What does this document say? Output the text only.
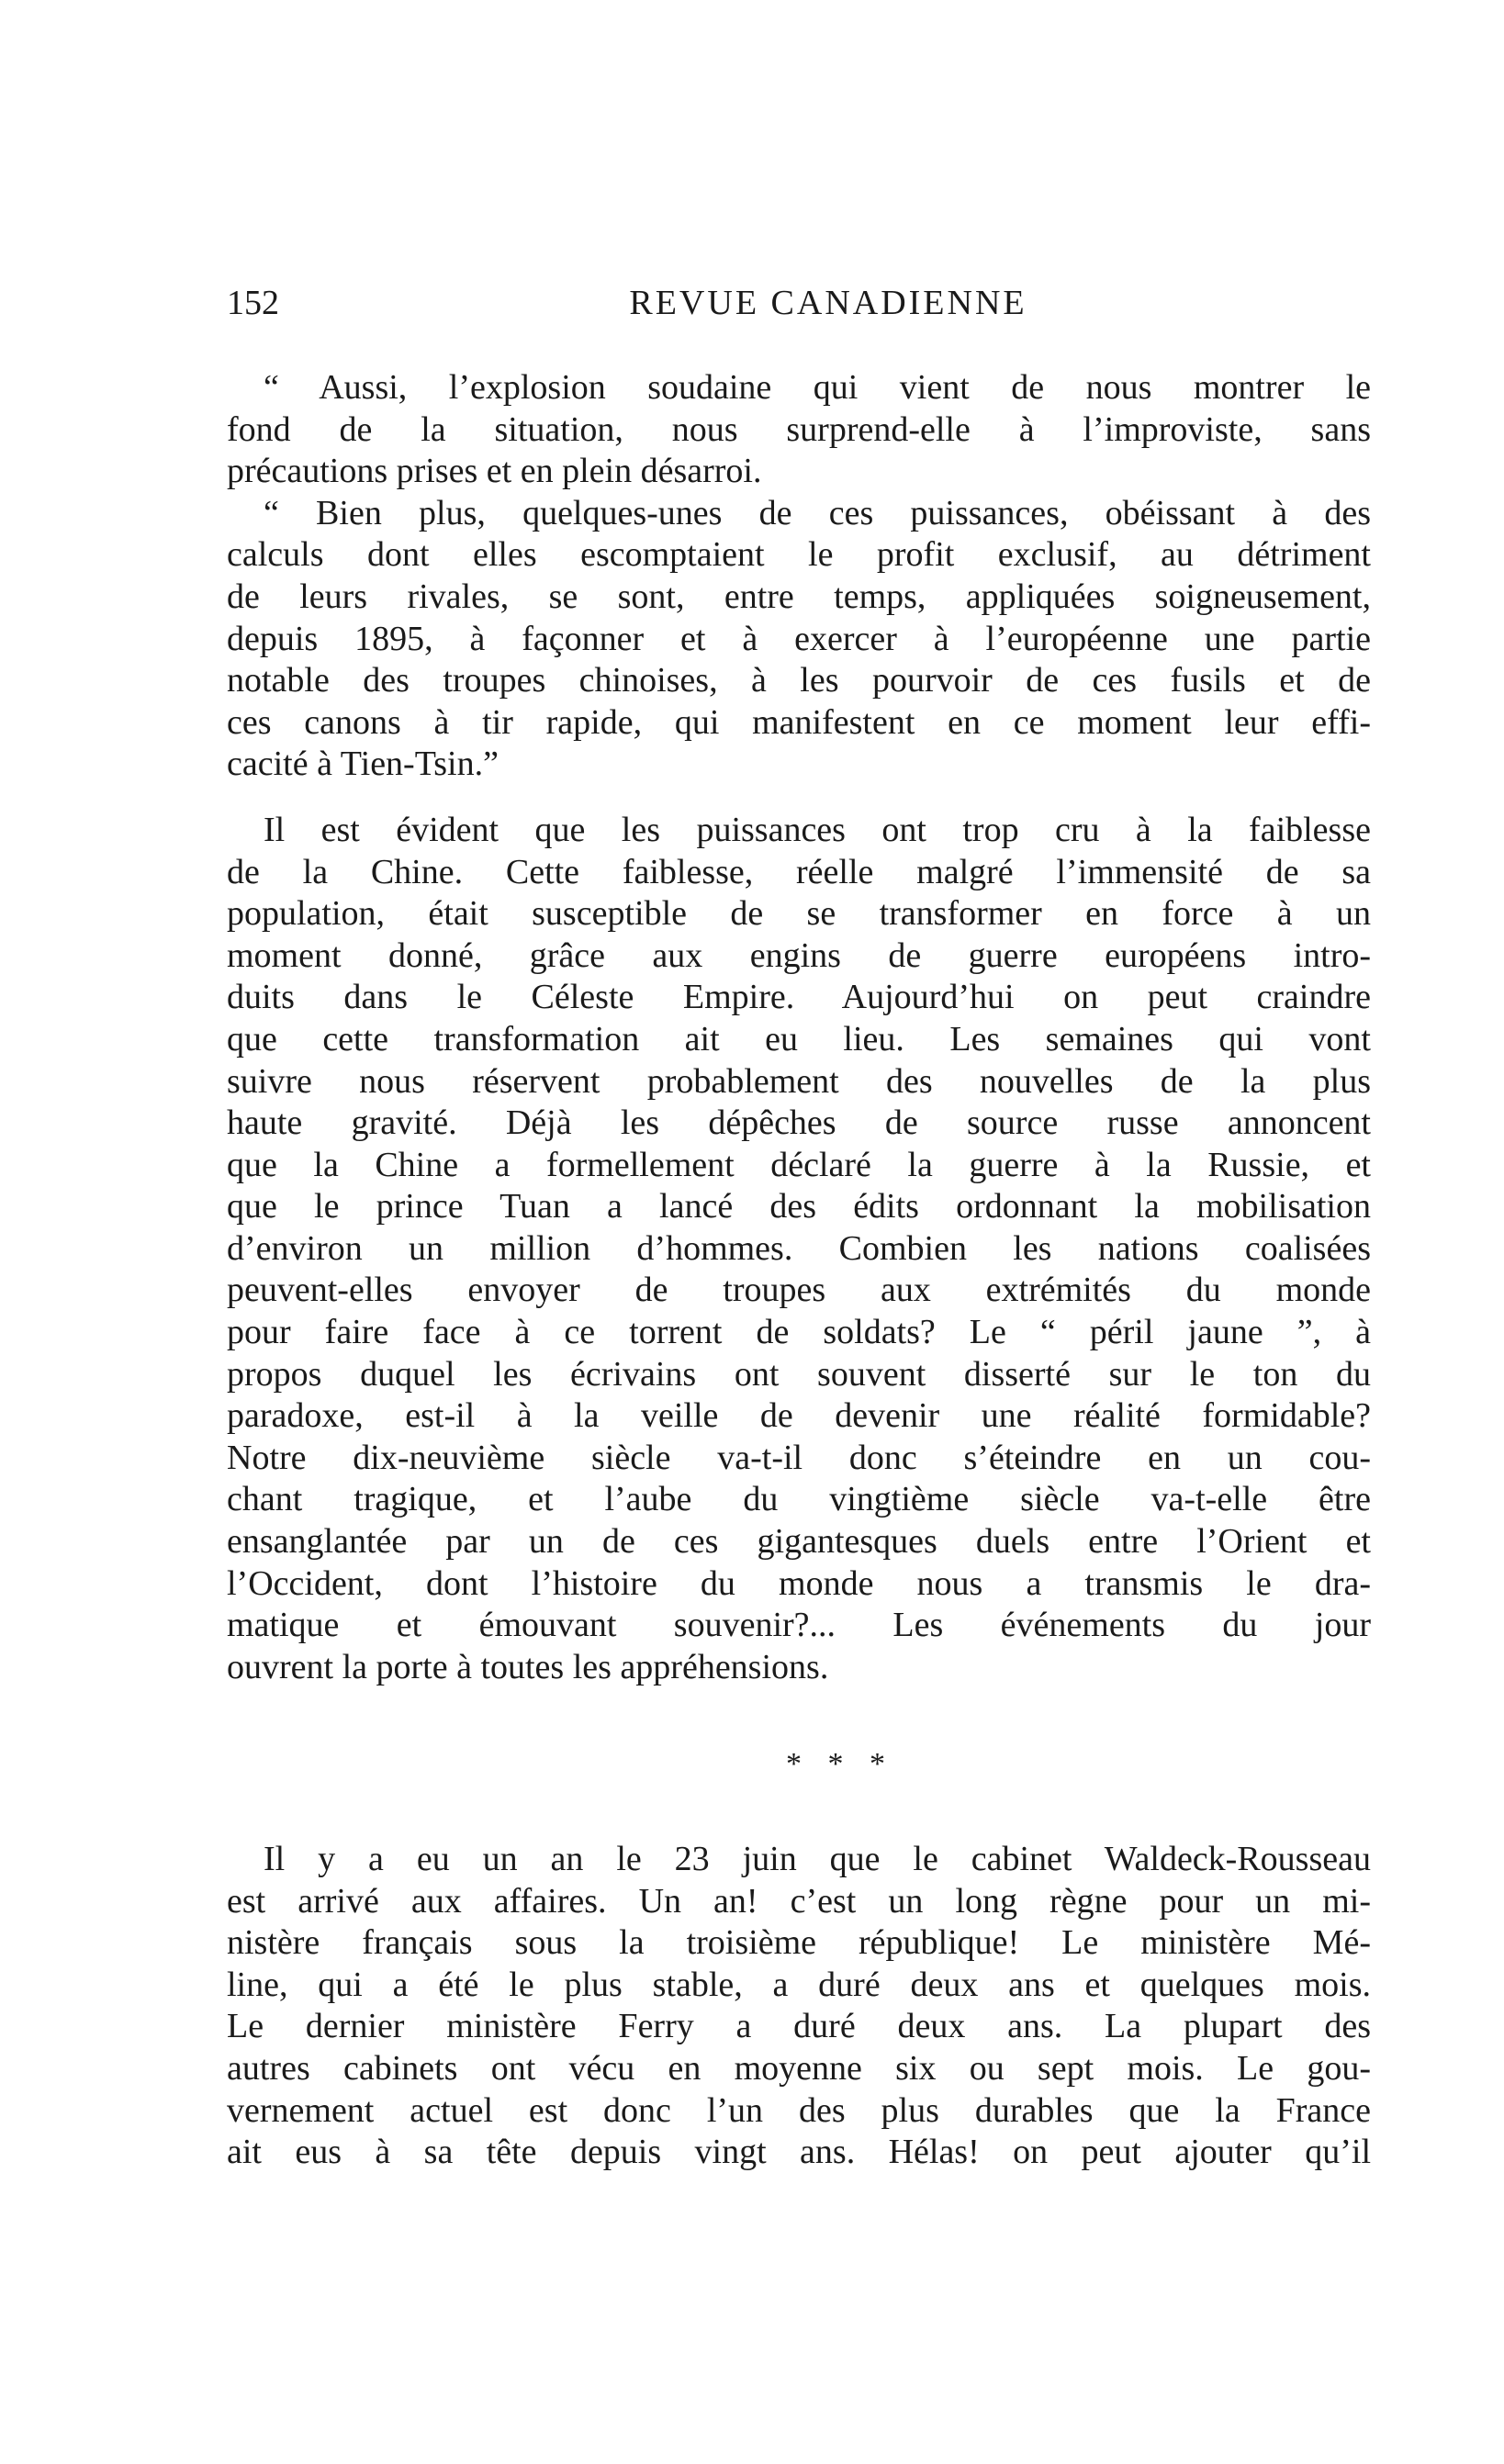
152	REVUE CANADIENNE

“ Aussi, l’explosion soudaine qui vient de nous montrer le
fond de la situation, nous surprend-elle à l’improviste, sans
précautions prises et en plein désarroi.

“ Bien plus, quelques-unes de ces puissances, obéissant à des
calculs dont elles escomptaient le profit exclusif, au détriment
de leurs rivales, se sont, entre temps, appliquées soigneusement,
depuis 1895, à façonner et à exercer à l’européenne une partie
notable des troupes chinoises, à les pourvoir de ces fusils et de
ces canons à tir rapide, qui manifestent en ce moment leur effi-
cacité à Tien-Tsin.”

Il est évident que les puissances ont trop cru à la faiblesse
de la Chine. Cette faiblesse, réelle malgré l’immensité de sa
population, était susceptible de se transformer en force à un
moment donné, grâce aux engins de guerre européens intro-
duits dans le Céleste Empire. Aujourd’hui on peut craindre
que cette transformation ait eu lieu. Les semaines qui vont
suivre nous réservent probablement des nouvelles de la plus
haute gravité. Déjà les dépêches de source russe annoncent
que la Chine a formellement déclaré la guerre à la Russie, et
que le prince Tuan a lancé des édits ordonnant la mobilisation
d’environ un million d’hommes. Combien les nations coalisées
peuvent-elles envoyer de troupes aux extrémités du monde
pour faire face à ce torrent de soldats? Le “ péril jaune ”, à
propos duquel les écrivains ont souvent disserté sur le ton du
paradoxe, est-il à la veille de devenir une réalité formidable?
Notre dix-neuvième siècle va-t-il donc s’éteindre en un cou-
chant tragique, et l’aube du vingtième siècle va-t-elle être
ensanglantée par un de ces gigantesques duels entre l’Orient et
l’Occident, dont l’histoire du monde nous a transmis le dra-
matique et émouvant souvenir?... Les événements du jour
ouvrent la porte à toutes les appréhensions.

* * *

Il y a eu un an le 23 juin que le cabinet Waldeck-Rousseau
est arrivé aux affaires. Un an! c’est un long règne pour un mi-
nistère français sous la troisième république! Le ministère Mé-
line, qui a été le plus stable, a duré deux ans et quelques mois.
Le dernier ministère Ferry a duré deux ans. La plupart des
autres cabinets ont vécu en moyenne six ou sept mois. Le gou-
vernement actuel est donc l’un des plus durables que la France
ait eus à sa tête depuis vingt ans. Hélas! on peut ajouter qu’il
